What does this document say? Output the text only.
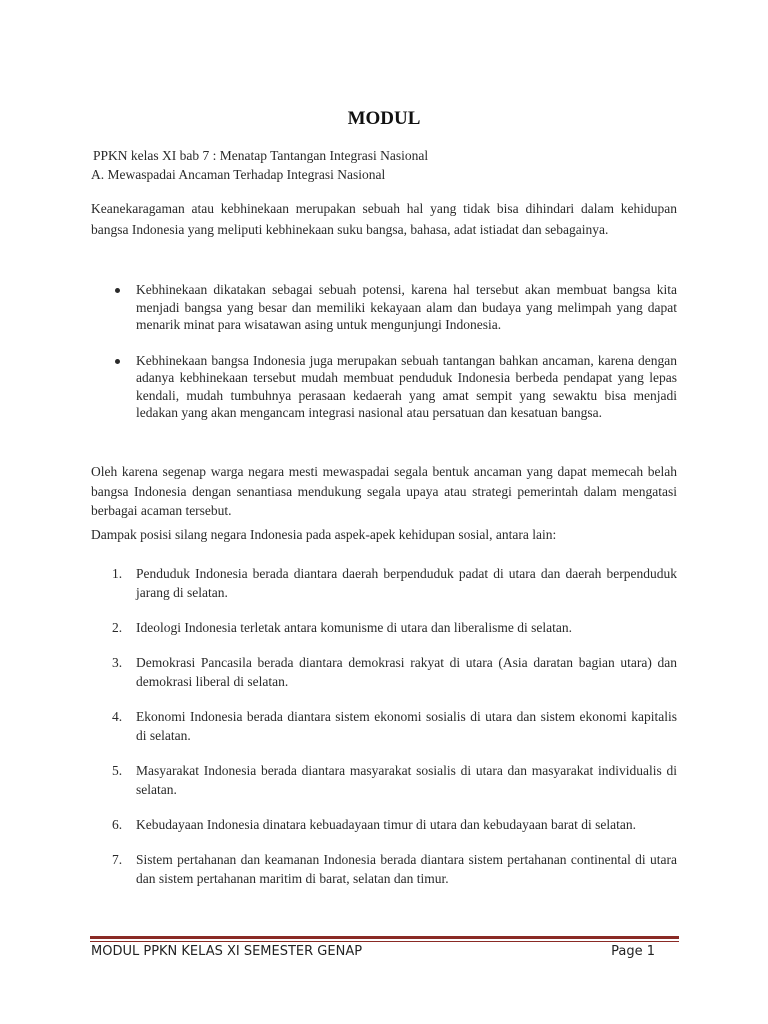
MODUL
PPKN kelas XI bab 7 : Menatap Tantangan Integrasi Nasional
A. Mewaspadai Ancaman Terhadap Integrasi Nasional
Keanekaragaman atau kebhinekaan merupakan sebuah hal yang tidak bisa dihindari dalam kehidupan bangsa Indonesia yang meliputi kebhinekaan suku bangsa, bahasa, adat istiadat dan sebagainya.
Kebhinekaan dikatakan sebagai sebuah potensi, karena hal tersebut akan membuat bangsa kita menjadi bangsa yang besar dan memiliki kekayaan alam dan budaya yang melimpah yang dapat menarik minat para wisatawan asing untuk mengunjungi Indonesia.
Kebhinekaan bangsa Indonesia juga merupakan sebuah tantangan bahkan ancaman, karena dengan adanya kebhinekaan tersebut mudah membuat penduduk Indonesia berbeda pendapat yang lepas kendali, mudah tumbuhnya perasaan kedaerah yang amat sempit yang sewaktu bisa menjadi ledakan yang akan mengancam integrasi nasional atau persatuan dan kesatuan bangsa.
Oleh karena segenap warga negara mesti mewaspadai segala bentuk ancaman yang dapat memecah belah bangsa Indonesia dengan senantiasa mendukung segala upaya atau strategi pemerintah dalam mengatasi berbagai acaman tersebut.
Dampak posisi silang negara Indonesia pada aspek-apek kehidupan sosial, antara lain:
1. Penduduk Indonesia berada diantara daerah berpenduduk padat di utara dan daerah berpenduduk jarang di selatan.
2. Ideologi Indonesia terletak antara komunisme di utara dan liberalisme di selatan.
3. Demokrasi Pancasila berada diantara demokrasi rakyat di utara (Asia daratan bagian utara) dan demokrasi liberal di selatan.
4. Ekonomi Indonesia berada diantara sistem ekonomi sosialis di utara dan sistem ekonomi kapitalis di selatan.
5. Masyarakat Indonesia berada diantara masyarakat sosialis di utara dan masyarakat individualis di selatan.
6. Kebudayaan Indonesia dinatara kebuadayaan timur di utara dan kebudayaan barat di selatan.
7. Sistem pertahanan dan keamanan Indonesia berada diantara sistem pertahanan continental di utara dan sistem pertahanan maritim di barat, selatan dan timur.
MODUL PPKN KELAS XI SEMESTER GENAP	Page 1
